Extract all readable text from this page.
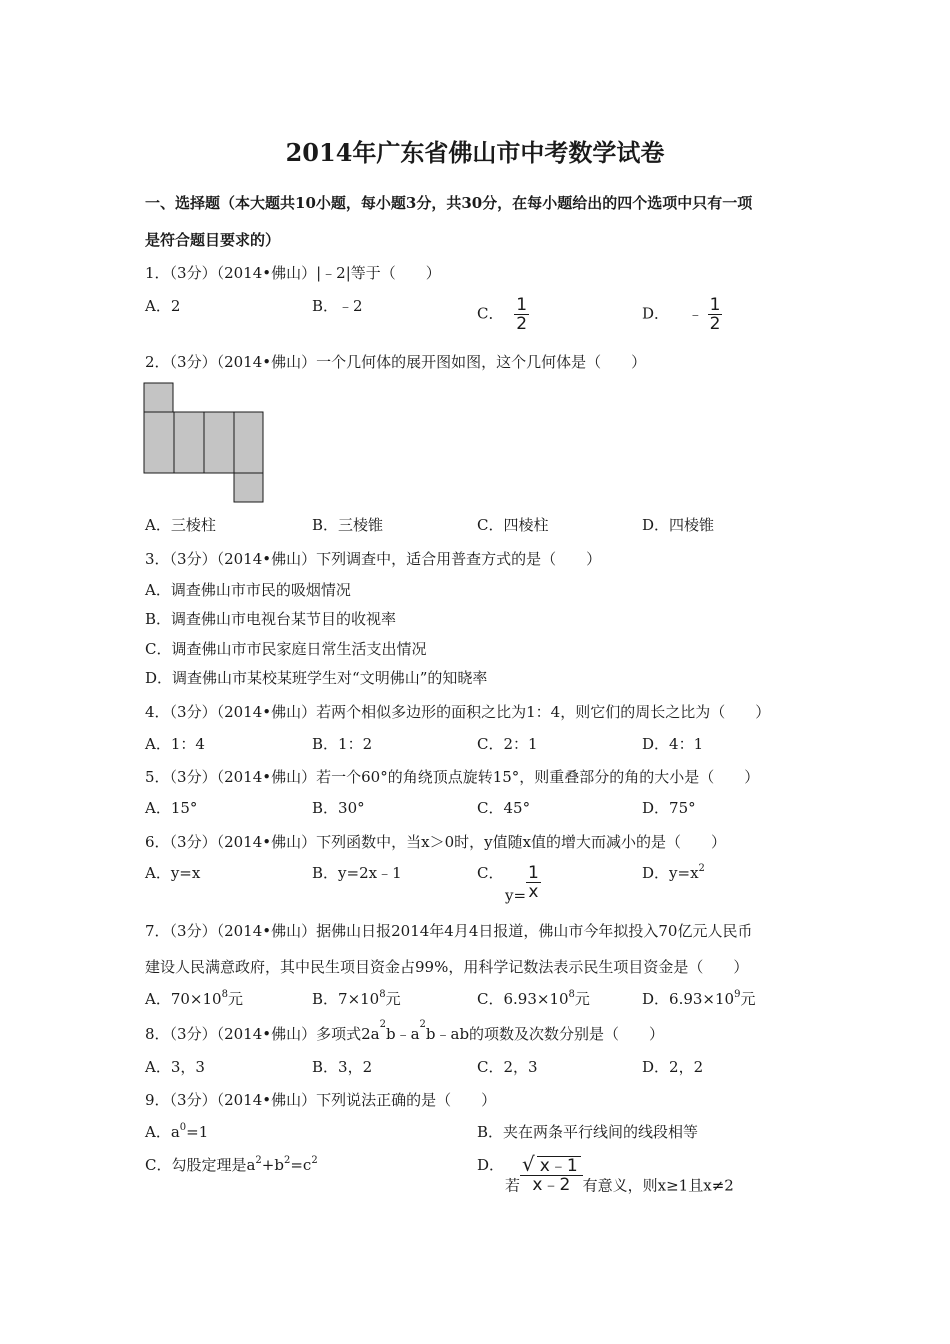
2014年广东省佛山市中考数学试卷
一、选择题（本大题共10小题，每小题3分，共30分，在每小题给出的四个选项中只有一项
是符合题目要求的）
1．（3分）（2014•佛山）|﹣2|等于（　　）
A．2	B．﹣2	C． $\frac{1}{2}$	D． ﹣ $\frac{1}{2}$
2．（3分）（2014•佛山）一个几何体的展开图如图，这个几何体是（　　）
A．三棱柱	B．三棱锥	C．四棱柱	D．四棱锥
3．（3分）（2014•佛山）下列调查中，适合用普查方式的是（　　）
A．调查佛山市市民的吸烟情况
B．调查佛山市电视台某节目的收视率
C．调查佛山市市民家庭日常生活支出情况
D．调查佛山市某校某班学生对“文明佛山”的知晓率
4．（3分）（2014•佛山）若两个相似多边形的面积之比为1：4，则它们的周长之比为（　　）
A．1：4	B．1：2	C．2：1	D．4：1
5．（3分）（2014•佛山）若一个60°的角绕顶点旋转15°，则重叠部分的角的大小是（　　）
A．15°	B．30°	C．45°	D．75°
6．（3分）（2014•佛山）下列函数中，当x＞0时，y值随x值的增大而减小的是（　　）
A．y=x	B．y=2x﹣1	C．
$y= \frac{1}{x}$	D．$y=x^2$
7．（3分）（2014•佛山）据佛山日报2014年4月4日报道，佛山市今年拟投入70亿元人民币
建设人民满意政府，其中民生项目资金占99%，用科学记数法表示民生项目资金是（　　）
A．$70\times 10^8$元	B．$7\times 10^8$元	C．$6.93\times 10^8$元	D．$6.93\times 10^9$元
8．（3分）（2014•佛山）多项式$2a^2b﹣a^2b﹣ab$的项数及次数分别是（　　）
A．3，3	B．3，2	C．2，3	D．2，2
9．（3分）（2014•佛山）下列说法正确的是（　　）
A．$a^0=1$	B．夹在两条平行线间的线段相等
C．勾股定理是$a^2+b^2=c^2$	D．
若 $\frac{√ x﹣1}{x﹣2}$ 有意义，则x≥1且x≠2
